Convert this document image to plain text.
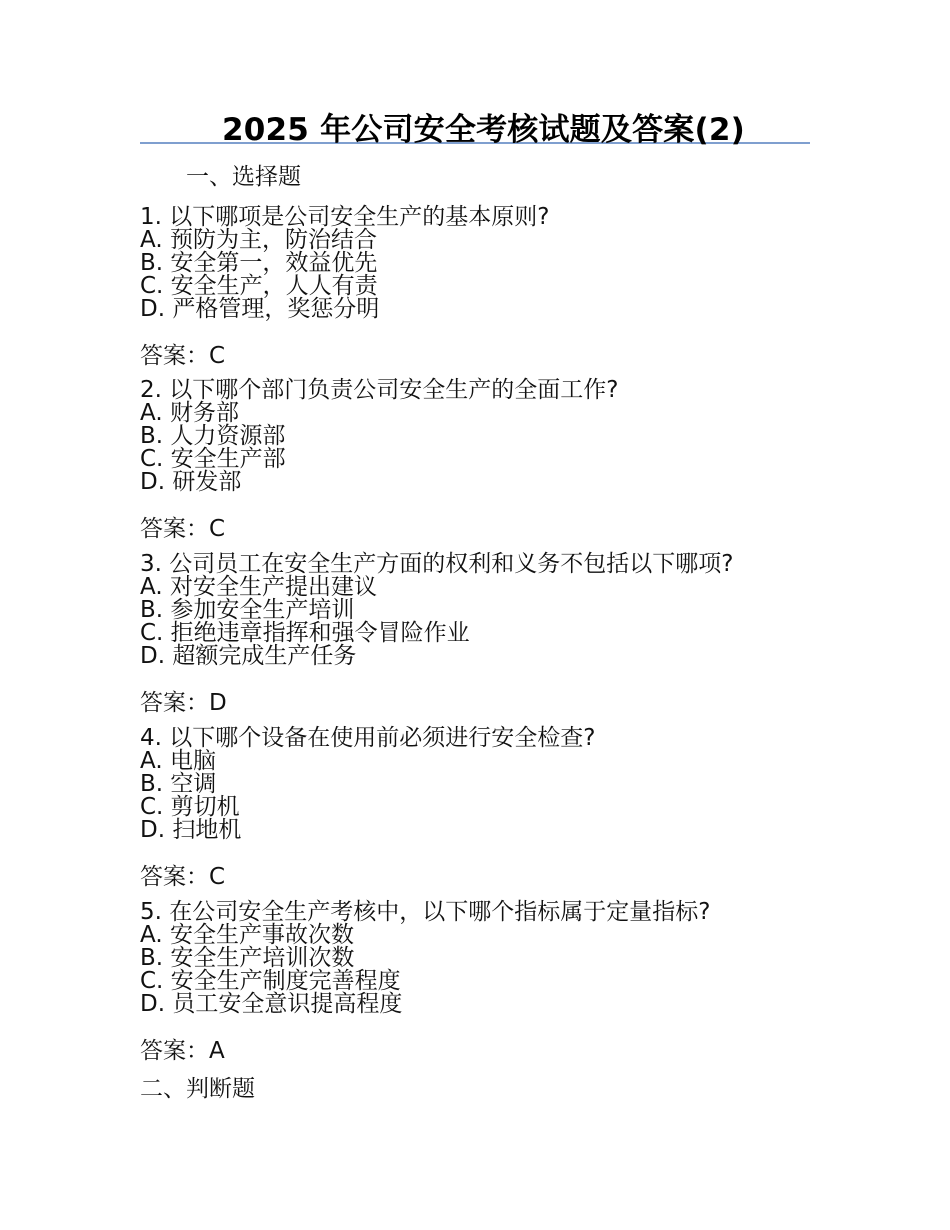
2025 年公司安全考核试题及答案(2)
一、选择题
1. 以下哪项是公司安全生产的基本原则?
A. 预防为主，防治结合
B. 安全第一，效益优先
C. 安全生产，人人有责
D. 严格管理，奖惩分明
答案：C
2. 以下哪个部门负责公司安全生产的全面工作?
A. 财务部
B. 人力资源部
C. 安全生产部
D. 研发部
答案：C
3. 公司员工在安全生产方面的权利和义务不包括以下哪项?
A. 对安全生产提出建议
B. 参加安全生产培训
C. 拒绝违章指挥和强令冒险作业
D. 超额完成生产任务
答案：D
4. 以下哪个设备在使用前必须进行安全检查?
A. 电脑
B. 空调
C. 剪切机
D. 扫地机
答案：C
5. 在公司安全生产考核中，以下哪个指标属于定量指标?
A. 安全生产事故次数
B. 安全生产培训次数
C. 安全生产制度完善程度
D. 员工安全意识提高程度
答案：A
二、判断题
